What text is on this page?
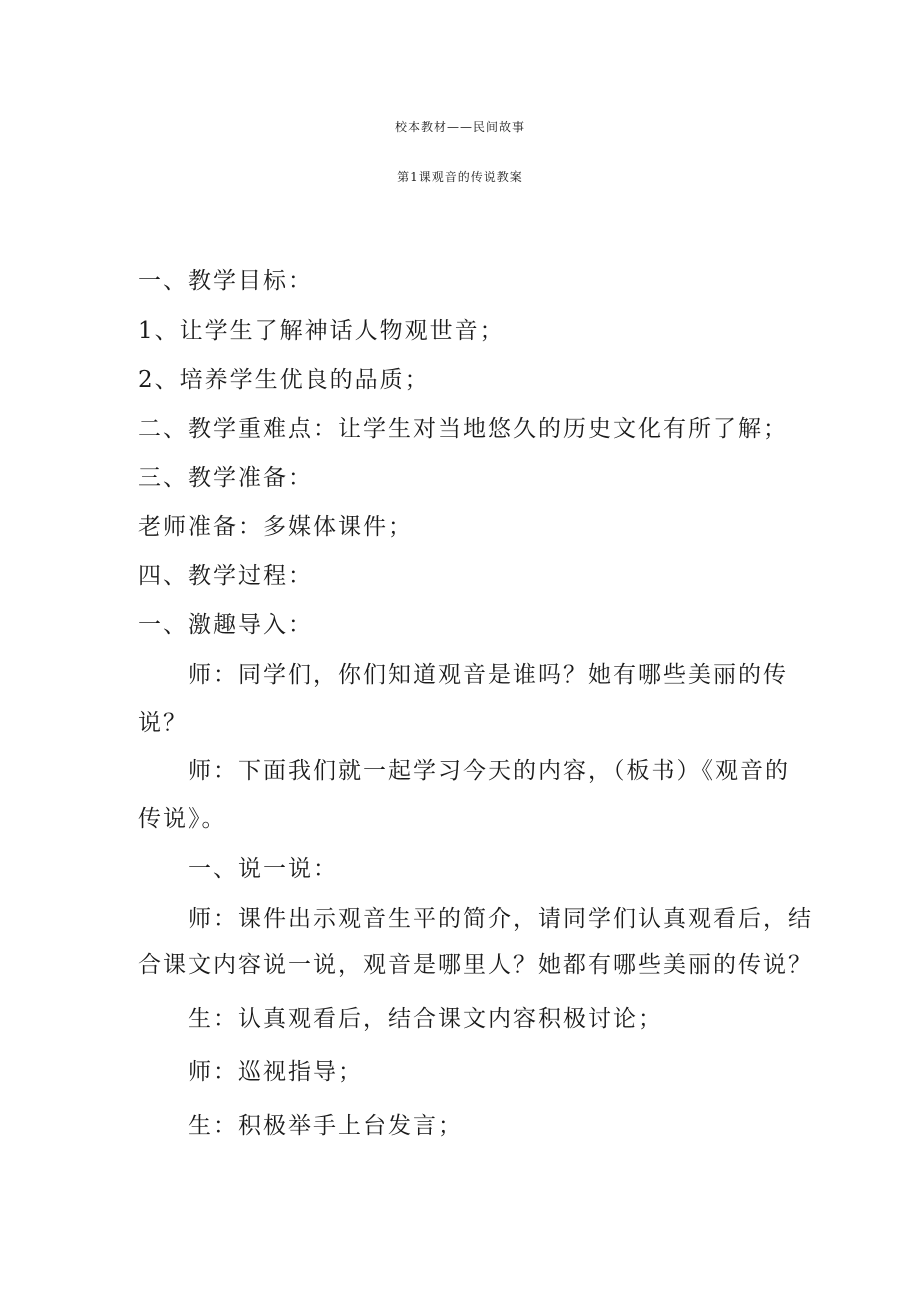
校本教材——民间故事
第1课观音的传说教案
一、教学目标：
1、让学生了解神话人物观世音；
2、培养学生优良的品质；
二、教学重难点：让学生对当地悠久的历史文化有所了解；
三、教学准备：
老师准备：多媒体课件；
四、教学过程：
一、激趣导入：
师：同学们，你们知道观音是谁吗？她有哪些美丽的传
说？
师：下面我们就一起学习今天的内容，（板书）《观音的
传说》。
一、说一说：
师：课件出示观音生平的简介，请同学们认真观看后，结
合课文内容说一说，观音是哪里人？她都有哪些美丽的传说？
生：认真观看后，结合课文内容积极讨论；
师：巡视指导；
生：积极举手上台发言；
